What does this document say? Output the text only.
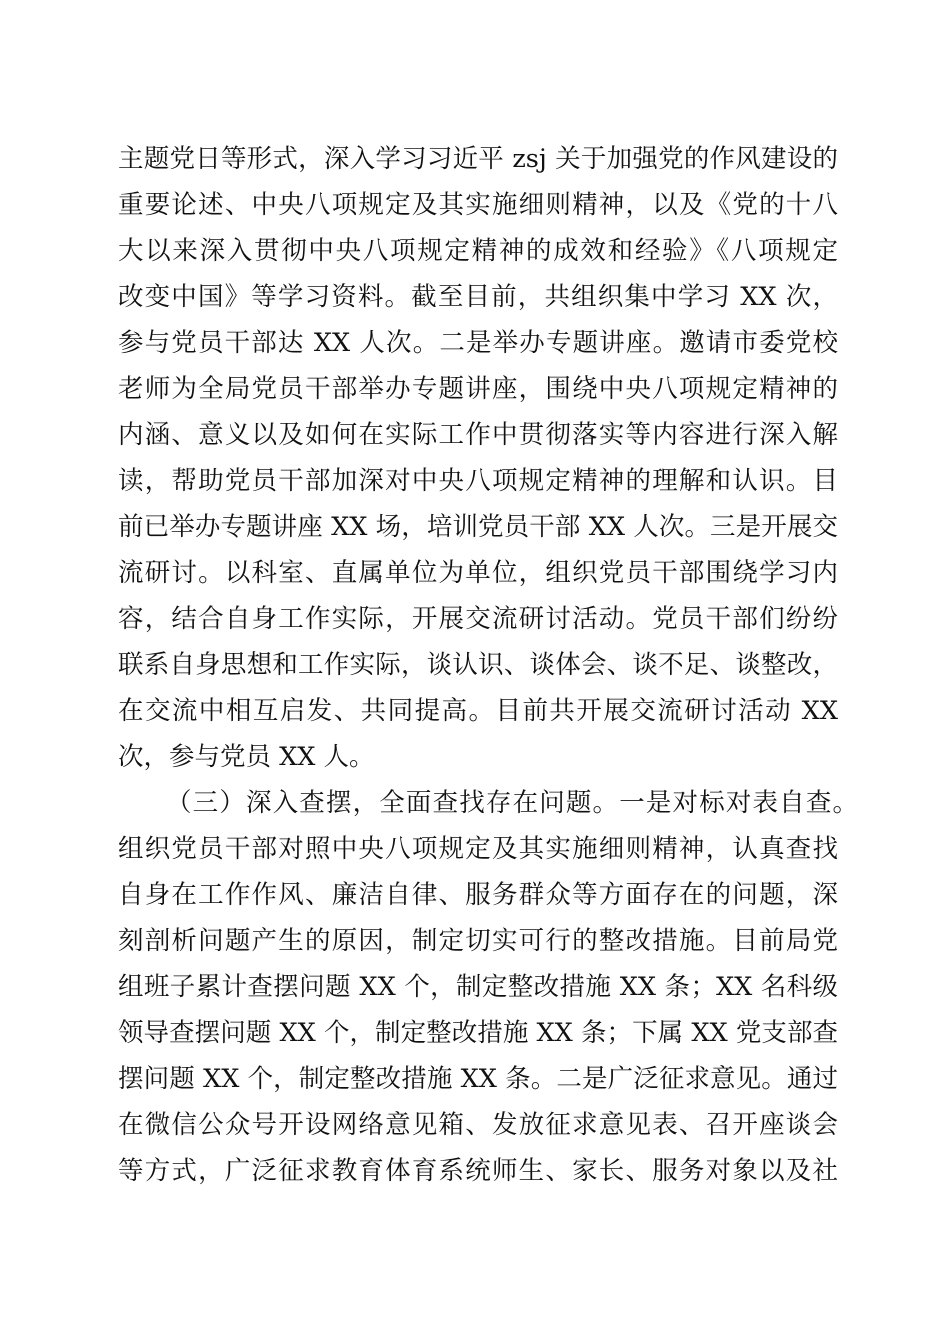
主题党日等形式，深入学习习近平 zsj 关于加强党的作风建设的
重要论述、中央八项规定及其实施细则精神，以及《党的十八
大以来深入贯彻中央八项规定精神的成效和经验》《八项规定
改变中国》等学习资料。截至目前，共组织集中学习 XX 次，
参与党员干部达 XX 人次。二是举办专题讲座。邀请市委党校
老师为全局党员干部举办专题讲座，围绕中央八项规定精神的
内涵、意义以及如何在实际工作中贯彻落实等内容进行深入解
读，帮助党员干部加深对中央八项规定精神的理解和认识。目
前已举办专题讲座 XX 场，培训党员干部 XX 人次。三是开展交
流研讨。以科室、直属单位为单位，组织党员干部围绕学习内
容，结合自身工作实际，开展交流研讨活动。党员干部们纷纷
联系自身思想和工作实际，谈认识、谈体会、谈不足、谈整改，
在交流中相互启发、共同提高。目前共开展交流研讨活动 XX
次，参与党员 XX 人。
（三）深入查摆，全面查找存在问题。一是对标对表自查。
组织党员干部对照中央八项规定及其实施细则精神，认真查找
自身在工作作风、廉洁自律、服务群众等方面存在的问题，深
刻剖析问题产生的原因，制定切实可行的整改措施。目前局党
组班子累计查摆问题 XX 个，制定整改措施 XX 条；XX 名科级
领导查摆问题 XX 个，制定整改措施 XX 条；下属 XX 党支部查
摆问题 XX 个，制定整改措施 XX 条。二是广泛征求意见。通过
在微信公众号开设网络意见箱、发放征求意见表、召开座谈会
等方式，广泛征求教育体育系统师生、家长、服务对象以及社
